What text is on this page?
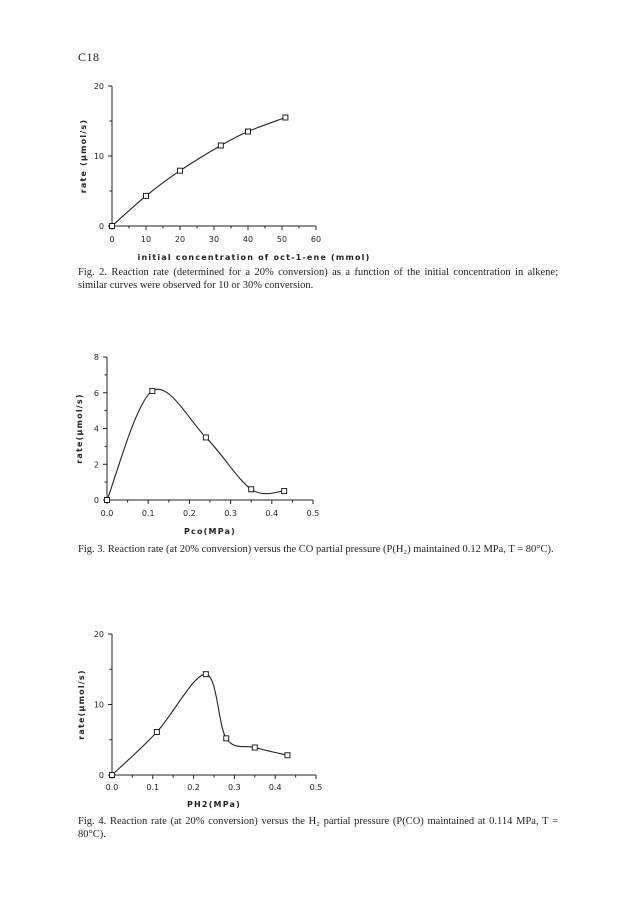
C18
0	10	20	30	40	50	60
0
10
20
initial concentration of oct-1-ene (mmol)
rate (μmol/s)
Fig. 2. Reaction rate (determined for a 20% conversion) as a function of the initial concentration in alkene; similar curves were observed for 10 or 30% conversion.
0.0	0.1	0.2	0.3	0.4	0.5
0
2
4
6
8
Pco(MPa)
rate(μmol/s)
Fig. 3. Reaction rate (at 20% conversion) versus the CO partial pressure (P(H₂) maintained 0.12 MPa, T = 80°C).
0.0	0.1	0.2	0.3	0.4	0.5
0
10
20
PH2(MPa)
rate(μmol/s)
Fig. 4. Reaction rate (at 20% conversion) versus the H₂ partial pressure (P(CO) maintained at 0.114 MPa, T = 80°C).
